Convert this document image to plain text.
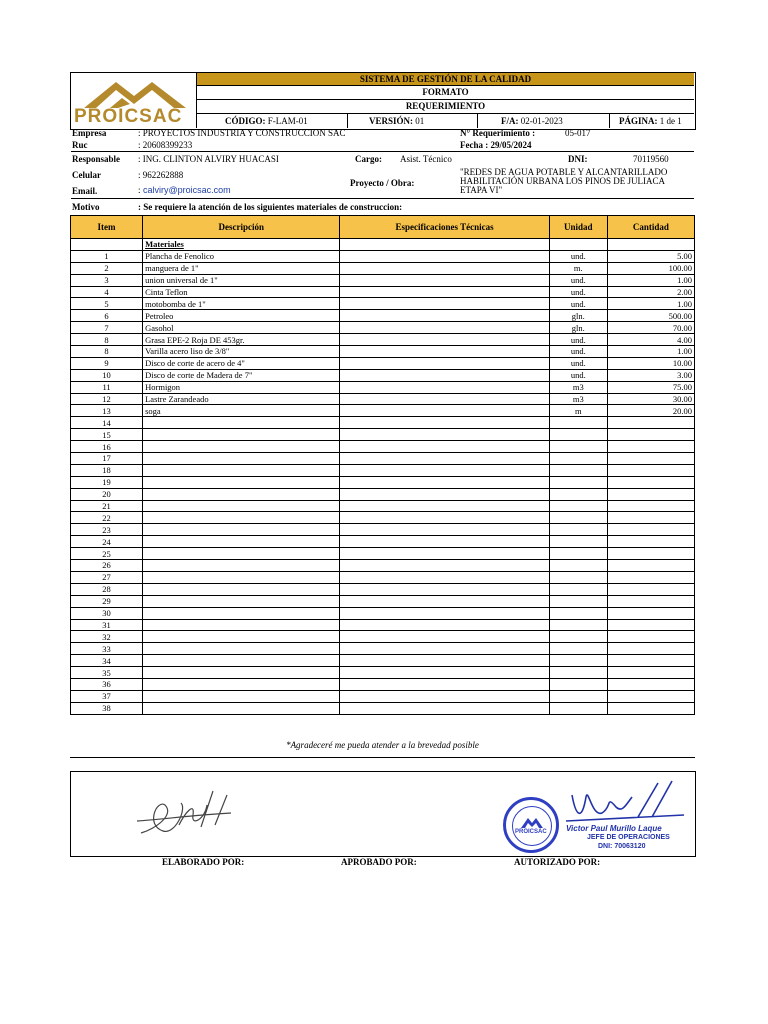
PROICSAC
SISTEMA DE GESTIÓN DE LA CALIDAD
FORMATO
REQUERIMIENTO
CÓDIGO: F-LAM-01	VERSIÓN: 01	F/A: 02-01-2023	PÁGINA: 1 de 1
Empresa	: PROYECTOS INDUSTRIA Y CONSTRUCCION SAC
Ruc	: 20608399233
N° Requerimiento :	05-017
Fecha : 29/05/2024
Responsable : ING. CLINTON ALVIRY HUACASI	Cargo: Asist. Técnico	DNI:	70119560
Celular	: 962262888
Email.	: calviry@proicsac.com
Proyecto / Obra:
"REDES DE AGUA POTABLE Y ALCANTARILLADO
HABILITACIÓN URBANA LOS PINOS DE JULIACA
ETAPA VI"
Motivo	: Se requiere la atención de los siguientes materiales de construccion:
Item	Descripción	Especificaciones Técnicas	Unidad	Cantidad
	Materiales			
1	Plancha de Fenolico		und.	5.00
2	manguera de 1"		m.	100.00
3	union universal de 1"		und.	1.00
4	Cinta Teflon		und.	2.00
5	motobomba de 1"		und.	1.00
6	Petroleo		gln.	500.00
7	Gasohol		gln.	70.00
8	Grasa EPE-2 Roja DE 453gr.		und.	4.00
8	Varilla acero liso de 3/8"		und.	1.00
9	Disco de corte de acero de 4"		und.	10.00
10	Disco de corte de Madera de 7"		und.	3.00
11	Hormigon		m3	75.00
12	Lastre Zarandeado		m3	30.00
13	soga		m	20.00
14				
15				
16				
17				
18				
19				
20				
21				
22				
23				
24				
25				
26				
27				
28				
29				
30				
31				
32				
33				
34				
35				
36				
37				
38				
*Agradeceré me pueda atender a la brevedad posible
PROICSAC Victor Paul Murillo Laque
JEFE DE OPERACIONES
DNI: 70063120
ELABORADO POR:	APROBADO POR:	AUTORIZADO POR:
